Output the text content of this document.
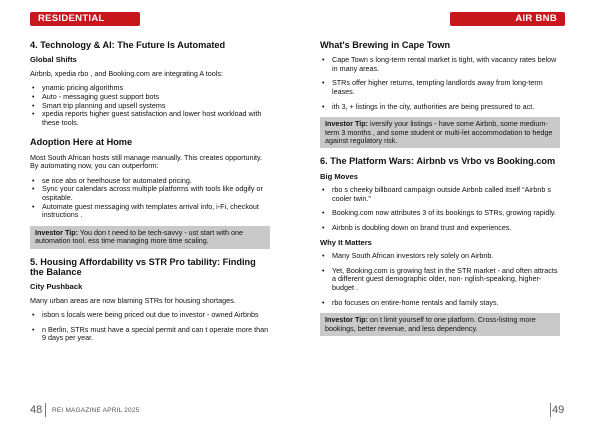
RESIDENTIAL
4. Technology & AI: The Future Is Automated
Global Shifts

Airbnb, xpedia rbo , and Booking.com are integrating A tools:

• ynamic pricing algorithms
• Auto - messaging guest support bots
• Smart trip planning and upsell systems
• xpedia reports higher guest satisfaction and lower host workload with these tools.
Adoption Here at Home

Most South African hosts still manage manually. This creates opportunity. By automating now, you can outperform:

• se rice abs or heelhouse for automated pricing.
• Sync your calendars across multiple platforms with tools like odgify or ospitable.
• Automate guest messaging with templates arrival info, i-Fi, checkout instructions .
Investor Tip: You don t need to be tech-savvy - ust start with one automation tool. ess time managing more time scaling.
5. Housing Affordability vs STR Pro tability: Finding the Balance
City Pushback

Many urban areas are now blaming STRs for housing shortages.

• isbon s locals were being priced out due to investor - owned Airbnbs
• n Berlin, STRs must have a special permit and can t operate more than 9 days per year.
48 REI MAGAZINE APRIL 2025
AIR BNB
What's Brewing in Cape Town
• Cape Town s long-term rental market is tight, with vacancy rates below in many areas.
• STRs offer higher returns, tempting landlords away from long-term leases.
• ith 3, + listings in the city, authorities are being pressured to act.
Investor Tip: iversify your listings - have some Airbnb, some medium-term 3 months , and some student or multi-let accommodation to hedge against regulatory risk.
6. The Platform Wars: Airbnb vs Vrbo vs Booking.com
Big Moves
• rbo s cheeky billboard campaign outside Airbnb called itself “Airbnb s cooler twin.”
• Booking.com now attributes 3 of its bookings to STRs, growing rapidly.
• Airbnb is doubling down on brand trust and experiences.
Why It Matters
• Many South African investors rely solely on Airbnb.
• Yet, Booking.com is growing fast in the STR market - and often attracts a different guest demographic older, non- nglish-speaking, higher-budget .
• rbo focuses on entire-home rentals and family stays.
Investor Tip: on t limit yourself to one platform. Cross-listing more bookings, better revenue, and less dependency.
49
